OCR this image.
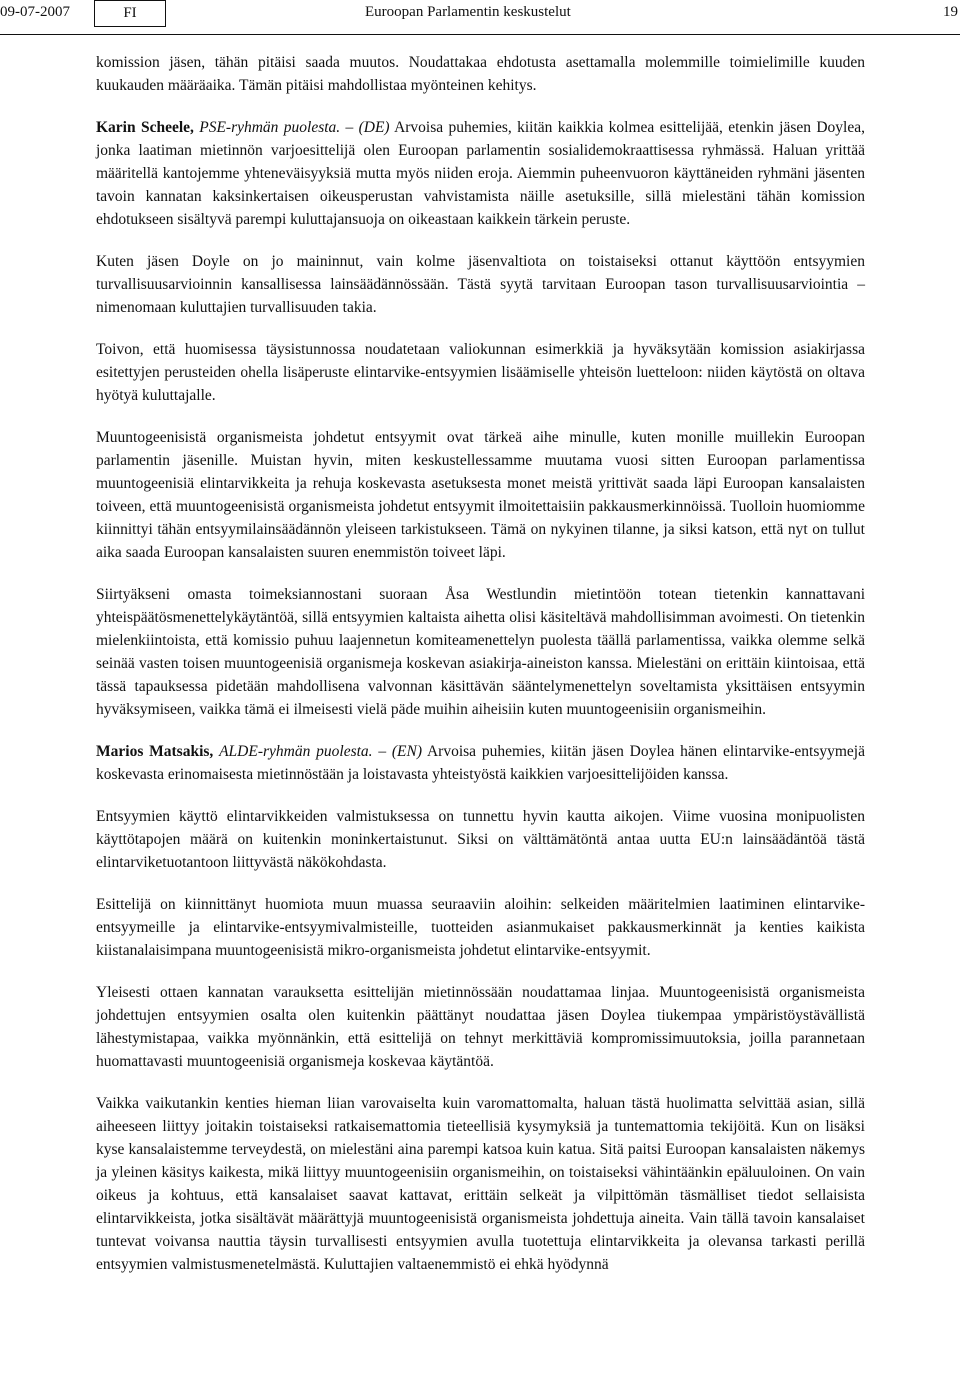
09-07-2007	FI	Euroopan Parlamentin keskustelut	19

komission jäsen, tähän pitäisi saada muutos. Noudattakaa ehdotusta asettamalla molemmille toimielimille kuuden kuukauden määräaika. Tämän pitäisi mahdollistaa myönteinen kehitys.

Karin Scheele, PSE-ryhmän puolesta. – (DE) Arvoisa puhemies, kiitän kaikkia kolmea esittelijää, etenkin jäsen Doylea, jonka laatiman mietinnön varjoesittelijä olen Euroopan parlamentin sosialidemokraattisessa ryhmässä. Haluan yrittää määritellä kantojemme yhteneväisyyksiä mutta myös niiden eroja. Aiemmin puheenvuoron käyttäneiden ryhmäni jäsenten tavoin kannatan kaksinkertaisen oikeusperustan vahvistamista näille asetuksille, sillä mielestäni tähän komission ehdotukseen sisältyvä parempi kuluttajansuoja on oikeastaan kaikkein tärkein peruste.

Kuten jäsen Doyle on jo maininnut, vain kolme jäsenvaltiota on toistaiseksi ottanut käyttöön entsyymien turvallisuusarvioinnin kansallisessa lainsäädännössään. Tästä syytä tarvitaan Euroopan tason turvallisuusarviointia – nimenomaan kuluttajien turvallisuuden takia.

Toivon, että huomisessa täysistunnossa noudatetaan valiokunnan esimerkkiä ja hyväksytään komission asiakirjassa esitettyjen perusteiden ohella lisäperuste elintarvike-entsyymien lisäämiselle yhteisön luetteloon: niiden käytöstä on oltava hyötyä kuluttajalle.

Muuntogeenisistä organismeista johdetut entsyymit ovat tärkeä aihe minulle, kuten monille muillekin Euroopan parlamentin jäsenille. Muistan hyvin, miten keskustellessamme muutama vuosi sitten Euroopan parlamentissa muuntogeenisiä elintarvikkeita ja rehuja koskevasta asetuksesta monet meistä yrittivät saada läpi Euroopan kansalaisten toiveen, että muuntogeenisistä organismeista johdetut entsyymit ilmoitettaisiin pakkausmerkinnöissä. Tuolloin huomiomme kiinnittyi tähän entsyymilainsäädännön yleiseen tarkistukseen. Tämä on nykyinen tilanne, ja siksi katson, että nyt on tullut aika saada Euroopan kansalaisten suuren enemmistön toiveet läpi.

Siirtyäkseni omasta toimeksiannostani suoraan Åsa Westlundin mietintöön totean tietenkin kannattavani yhteispäätösmenettelykäytäntöä, sillä entsyymien kaltaista aihetta olisi käsiteltävä mahdollisimman avoimesti. On tietenkin mielenkiintoista, että komissio puhuu laajennetun komiteamenettelyn puolesta täällä parlamentissa, vaikka olemme selkä seinää vasten toisen muuntogeenisiä organismeja koskevan asiakirja-aineiston kanssa. Mielestäni on erittäin kiintoisaa, että tässä tapauksessa pidetään mahdollisena valvonnan käsittävän sääntelymenettelyn soveltamista yksittäisen entsyymin hyväksymiseen, vaikka tämä ei ilmeisesti vielä päde muihin aiheisiin kuten muuntogeenisiin organismeihin.

Marios Matsakis, ALDE-ryhmän puolesta. – (EN) Arvoisa puhemies, kiitän jäsen Doylea hänen elintarvike-entsyymejä koskevasta erinomaisesta mietinnöstään ja loistavasta yhteistyöstä kaikkien varjoesittelijöiden kanssa.

Entsyymien käyttö elintarvikkeiden valmistuksessa on tunnettu hyvin kautta aikojen. Viime vuosina monipuolisten käyttötapojen määrä on kuitenkin moninkertaistunut. Siksi on välttämätöntä antaa uutta EU:n lainsäädäntöä tästä elintarviketuotantoon liittyvästä näkökohdasta.

Esittelijä on kiinnittänyt huomiota muun muassa seuraaviin aloihin: selkeiden määritelmien laatiminen elintarvike-entsyymeille ja elintarvike-entsyymivalmisteille, tuotteiden asianmukaiset pakkausmerkinnät ja kenties kaikista kiistanalaisimpana muuntogeenisistä mikro-organismeista johdetut elintarvike-entsyymit.

Yleisesti ottaen kannatan varauksetta esittelijän mietinnössään noudattamaa linjaa. Muuntogeenisistä organismeista johdettujen entsyymien osalta olen kuitenkin päättänyt noudattaa jäsen Doylea tiukempaa ympäristöystävällistä lähestymistapaa, vaikka myönnänkin, että esittelijä on tehnyt merkittäviä kompromissimuutoksia, joilla parannetaan huomattavasti muuntogeenisiä organismeja koskevaa käytäntöä.

Vaikka vaikutankin kenties hieman liian varovaiselta kuin varomattomalta, haluan tästä huolimatta selvittää asian, sillä aiheeseen liittyy joitakin toistaiseksi ratkaisemattomia tieteellisiä kysymyksiä ja tuntemattomia tekijöitä. Kun on lisäksi kyse kansalaistemme terveydestä, on mielestäni aina parempi katsoa kuin katua. Sitä paitsi Euroopan kansalaisten näkemys ja yleinen käsitys kaikesta, mikä liittyy muuntogeenisiin organismeihin, on toistaiseksi vähintäänkin epäluuloinen. On vain oikeus ja kohtuus, että kansalaiset saavat kattavat, erittäin selkeät ja vilpittömän täsmälliset tiedot sellaisista elintarvikkeista, jotka sisältävät määrättyjä muuntogeenisistä organismeista johdettuja aineita. Vain tällä tavoin kansalaiset tuntevat voivansa nauttia täysin turvallisesti entsyymien avulla tuotettuja elintarvikkeita ja olevansa tarkasti perillä entsyymien valmistusmenetelmästä. Kuluttajien valtaenemmistö ei ehkä hyödynnä
